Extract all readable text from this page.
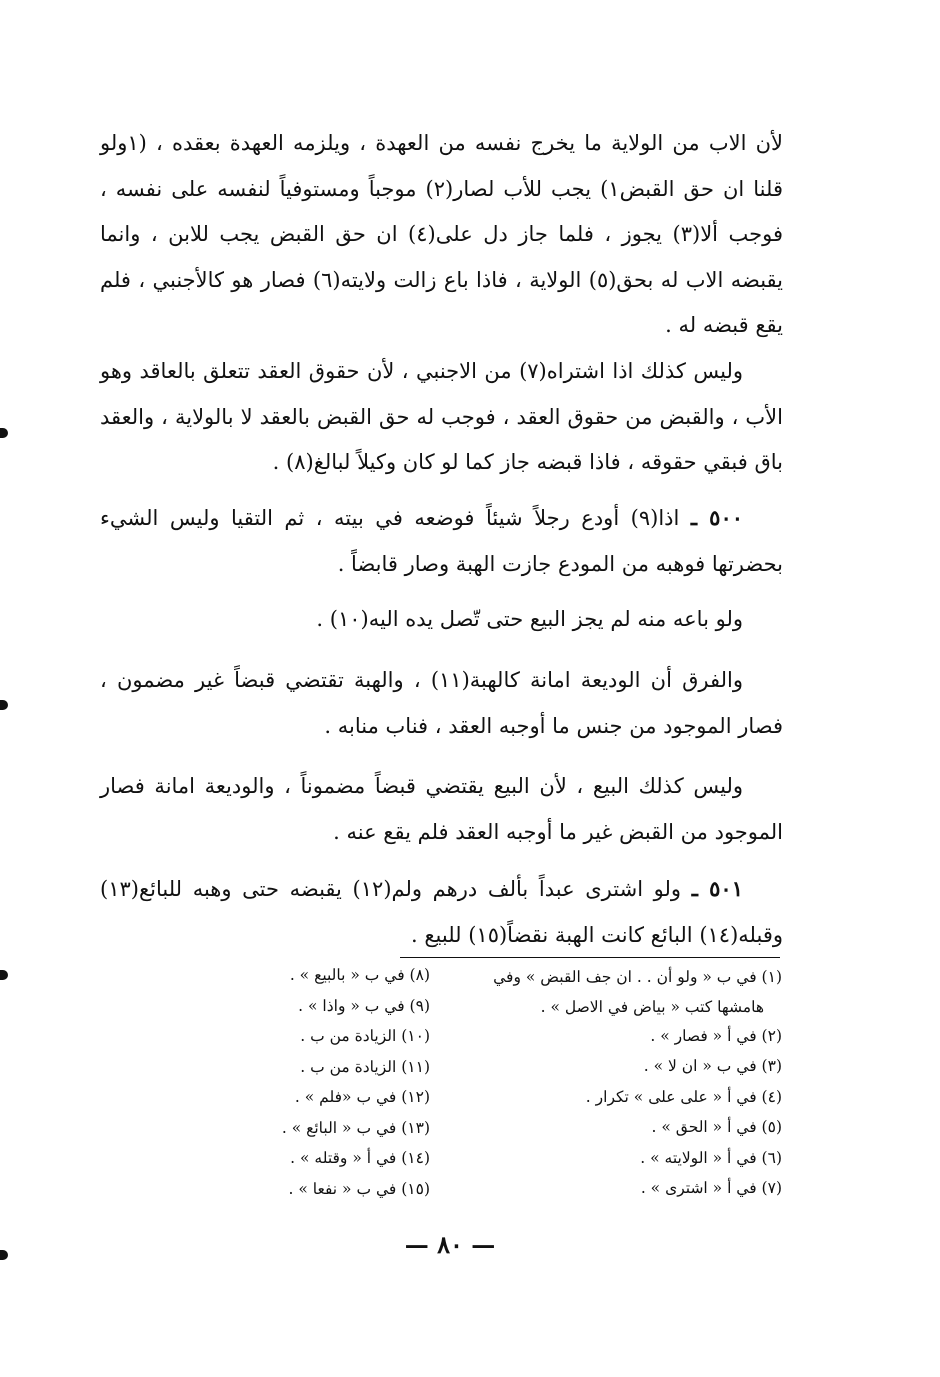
لأن الاب من الولاية ما يخرج نفسه من العهدة ، ويلزمه العهدة بعقده ، (١ولو قلنا ان حق القبض١) يجب للأب لصار(٢) موجباً ومستوفياً لنفسه على نفسه ، فوجب ألا(٣) يجوز ، فلما جاز دل على(٤) ان حق القبض يجب للابن ، وانما يقبضه الاب له بحق(٥) الولاية ، فاذا باع زالت ولايته(٦) فصار هو كالأجنبي ، فلم يقع قبضه له .

وليس كذلك اذا اشتراه(٧) من الاجنبي ، لأن حقوق العقد تتعلق بالعاقد وهو الأب ، والقبض من حقوق العقد ، فوجب له حق القبض بالعقد لا بالولاية ، والعقد باق فبقي حقوقه ، فاذا قبضه جاز كما لو كان وكيلاً لبالغ(٨) .

٥٠٠ ـ اذا(٩) أودع رجلاً شيئاً فوضعه في بيته ، ثم التقيا وليس الشيء بحضرتها فوهبه من المودع جازت الهبة وصار قابضاً .

ولو باعه منه لم يجز البيع حتى تّصل يده اليه(١٠) .

والفرق أن الوديعة امانة كالهبة(١١) ، والهبة تقتضي قبضاً غير مضمون ، فصار الموجود من جنس ما أوجبه العقد ، فناب منابه .

وليس كذلك البيع ، لأن البيع يقتضي قبضاً مضموناً ، والوديعة امانة فصار الموجود من القبض غير ما أوجبه العقد فلم يقع عنه .

٥٠١ ـ ولو اشترى عبداً بألف درهم ولم(١٢) يقبضه حتى وهبه للبائع(١٣) وقبله(١٤) البائع كانت الهبة نقضاً(١٥) للبيع .

(١) في ب « ولو أن . . ان جف القبض » وفي
هامشها كتب « بياض في الاصل » .
(٢) في أ « فصار » .
(٣) في ب « ان لا » .
(٤) في أ « على على » تكرار .
(٥) في أ « الحق » .
(٦) في أ « الولايته » .
(٧) في أ « اشترى » .
(٨) في ب « بالبيع » .
(٩) في ب « واذا » .
(١٠) الزيادة من ب .
(١١) الزيادة من ب .
(١٢) في ب «فلم » .
(١٣) في ب « البائع » .
(١٤) في أ « وقتله » .
(١٥) في ب « نفعا » .
— ٨٠ —
